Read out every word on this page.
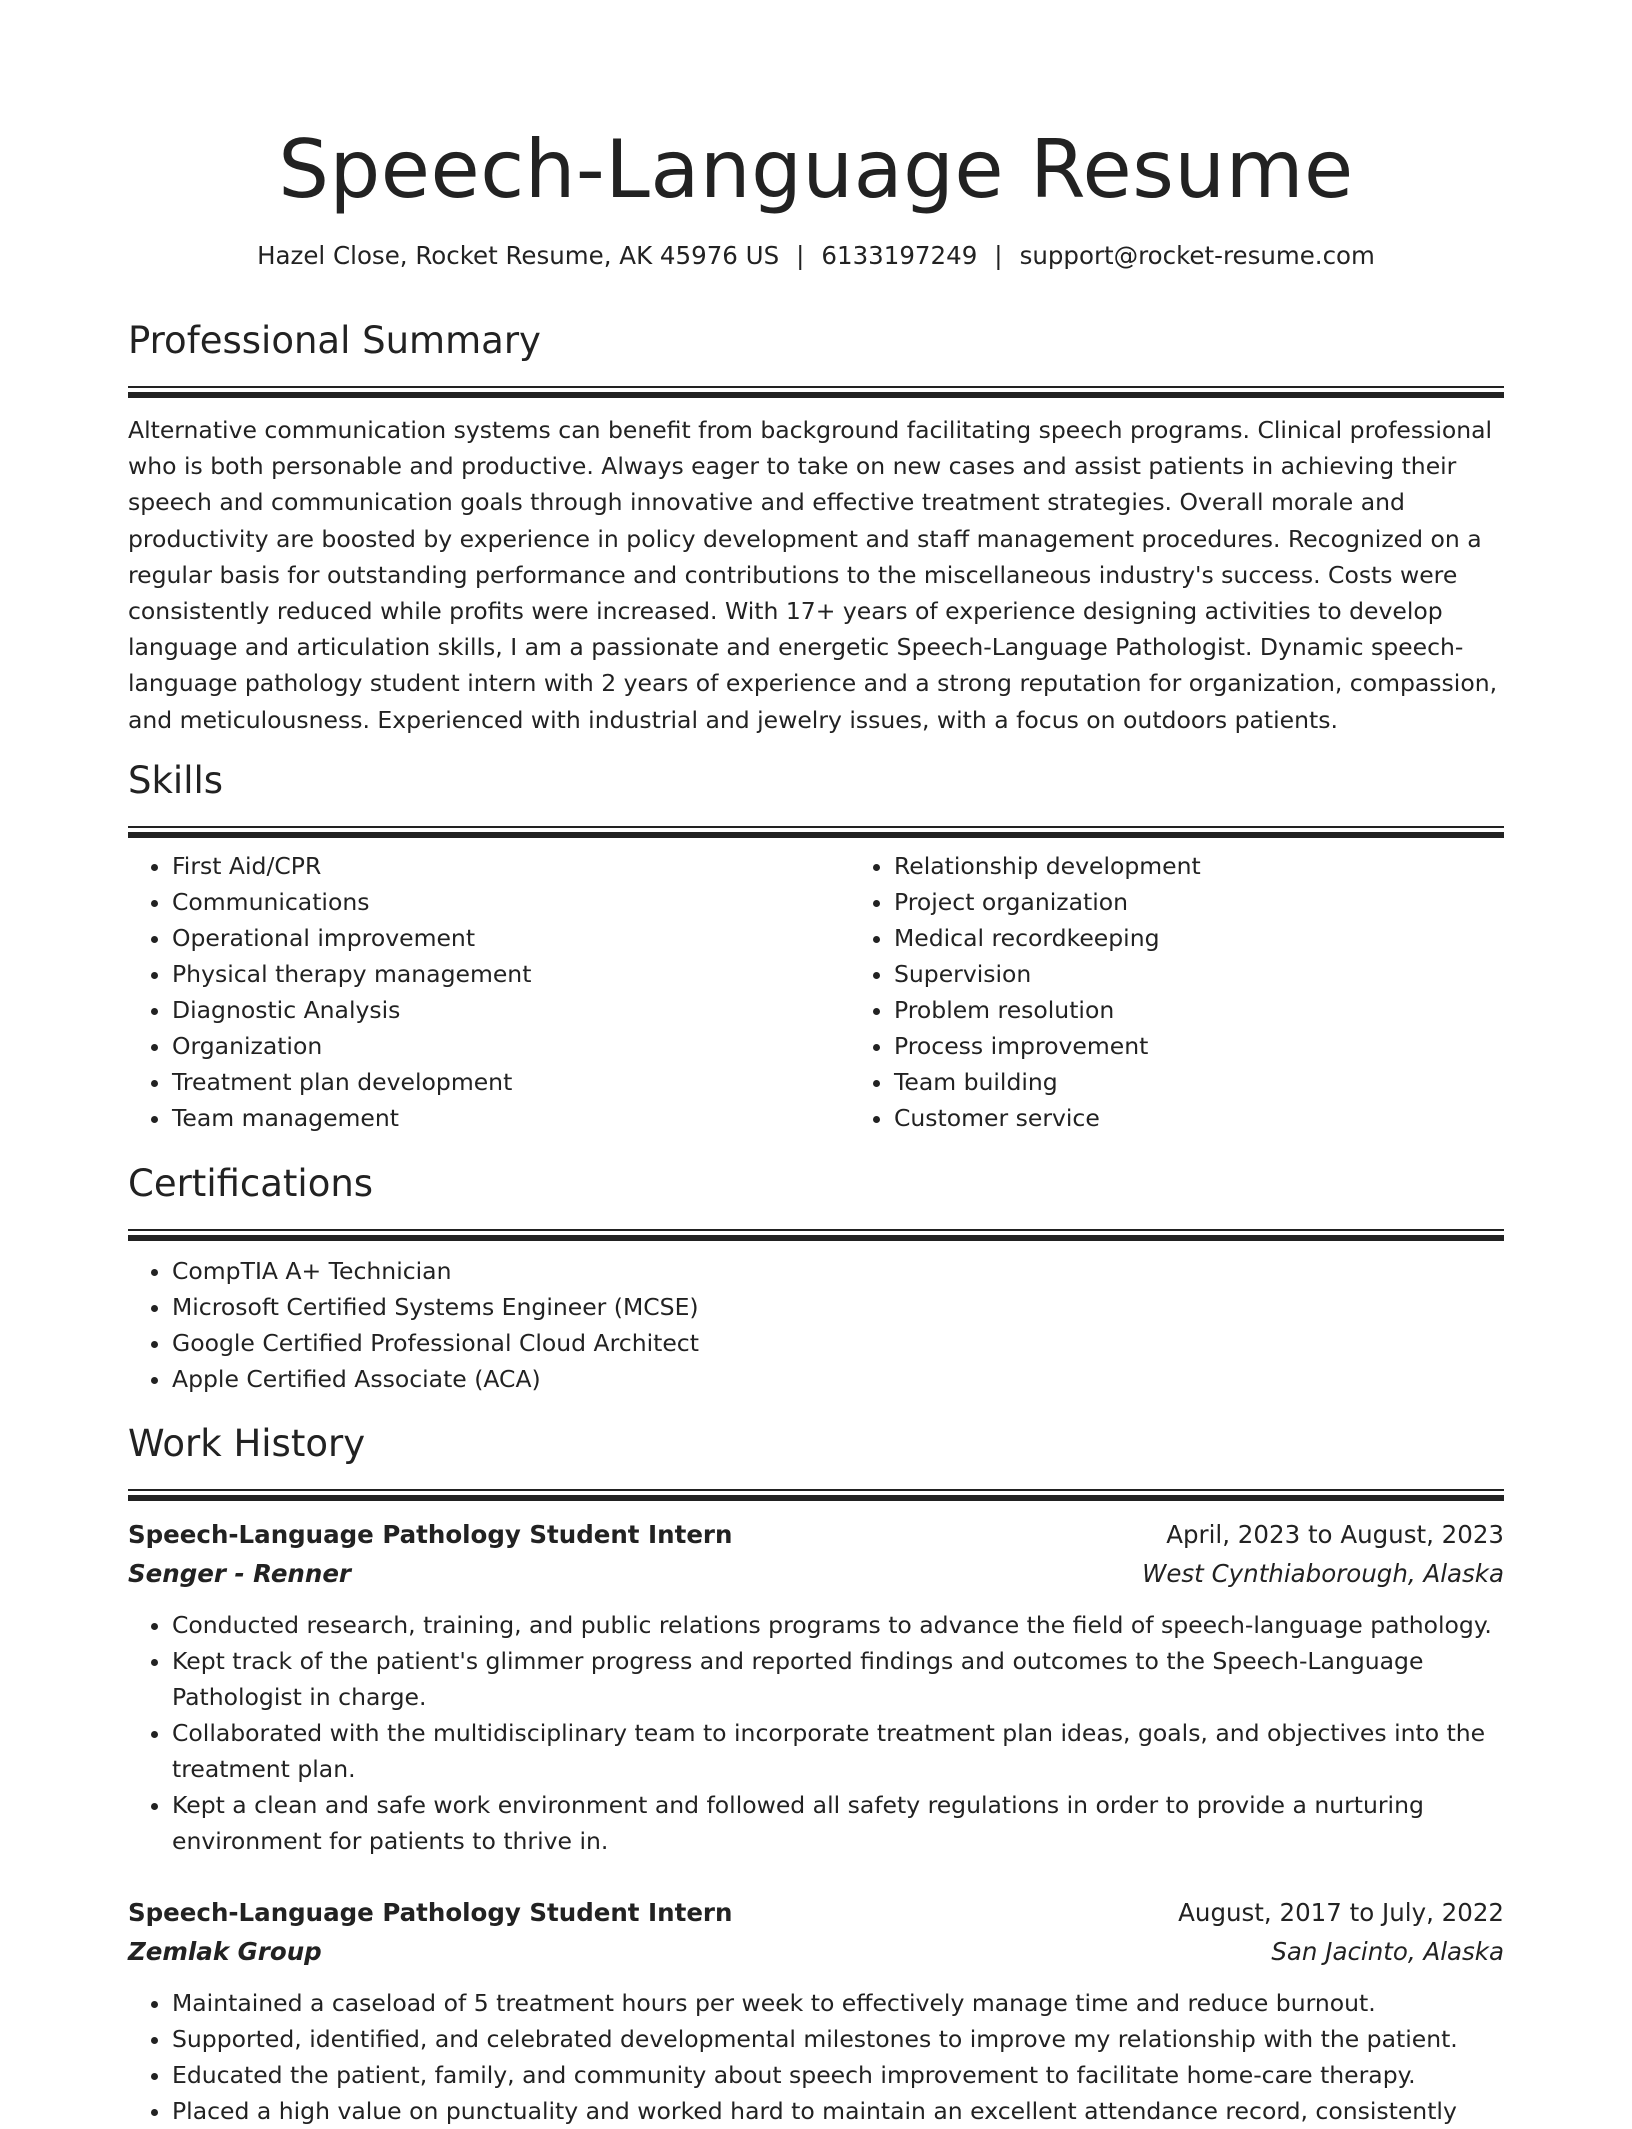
Speech-Language Resume
Hazel Close, Rocket Resume, AK 45976 US | 6133197249 | support@rocket-resume.com
Professional Summary

Alternative communication systems can benefit from background facilitating speech programs. Clinical professional who is both personable and productive. Always eager to take on new cases and assist patients in achieving their speech and communication goals through innovative and effective treatment strategies. Overall morale and productivity are boosted by experience in policy development and staff management procedures. Recognized on a regular basis for outstanding performance and contributions to the miscellaneous industry's success. Costs were consistently reduced while profits were increased. With 17+ years of experience designing activities to develop language and articulation skills, I am a passionate and energetic Speech-Language Pathologist. Dynamic speech-language pathology student intern with 2 years of experience and a strong reputation for organization, compassion, and meticulousness. Experienced with industrial and jewelry issues, with a focus on outdoors patients.

Skills
• First Aid/CPR
• Communications
• Operational improvement
• Physical therapy management
• Diagnostic Analysis
• Organization
• Treatment plan development
• Team management
• Relationship development
• Project organization
• Medical recordkeeping
• Supervision
• Problem resolution
• Process improvement
• Team building
• Customer service
Certifications
• CompTIA A+ Technician
• Microsoft Certified Systems Engineer (MCSE)
• Google Certified Professional Cloud Architect
• Apple Certified Associate (ACA)
Work History
Speech-Language Pathology Student Intern	April, 2023 to August, 2023
Senger - Renner	West Cynthiaborough, Alaska
• Conducted research, training, and public relations programs to advance the field of speech-language pathology.
• Kept track of the patient's glimmer progress and reported findings and outcomes to the Speech-Language Pathologist in charge.
• Collaborated with the multidisciplinary team to incorporate treatment plan ideas, goals, and objectives into the treatment plan.
• Kept a clean and safe work environment and followed all safety regulations in order to provide a nurturing environment for patients to thrive in.
Speech-Language Pathology Student Intern	August, 2017 to July, 2022
Zemlak Group	San Jacinto, Alaska
• Maintained a caseload of 5 treatment hours per week to effectively manage time and reduce burnout.
• Supported, identified, and celebrated developmental milestones to improve my relationship with the patient.
• Educated the patient, family, and community about speech improvement to facilitate home-care therapy.
• Placed a high value on punctuality and worked hard to maintain an excellent attendance record, consistently
